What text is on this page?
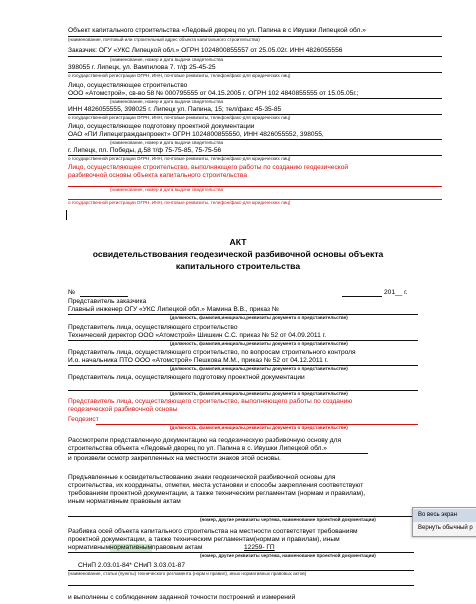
Объект капитального строительства «Ледовый дворец по ул. Папина в с Ивушки Липецкой обл.»
(наименование, почтовый или строительный адрес объекта капитального строительства)
Заказчик: ОГУ «УКС Липецкой обл.» ОГРН 1024800855557 от 25.05.02г. ИНН 4826055556
(наименование, номер и дата выдачи свидетельства
398055 г. Липецк, ул. Вампилова 7. т/ф 25-45-25
о государственной регистрации ОГРН, ИНН, почтовые реквизиты, телефон/факс-для юридических лиц)
Лицо, осуществляющее строительство
ООО «Атомстрой», св-во 58 № 000795555 от 04.15.2005 г. ОГРН 102 4840855555 от 15.05.05г.;
(наименование, номер и дата выдачи свидетельства
ИНН 4826055555, 398025 г. Липецк ул. Папина, 15; тел/факс 45-35-85
о государственной регистрации ОГРН, ИНН, почтовые реквизиты, телефон/факс-для юридических лиц)
Лицо, осуществляющее подготовку проектной документации
ОАО «ПИ Липецкгражданпроект» ОГРН 1024800855550, ИНН 4826055552, 398055,
(наименование, номер и дата выдачи свидетельства
г. Липецк, пл. Победы, д.58 т/ф 75-75-85, 75-75-56
о государственной регистрации ОГРН, ИНН, почтовые реквизиты, телефон/факс-для юридических лиц)
Лицо, осуществляющее строительство, выполняющего работы по созданию геодезической
разбивочной основы объекта капитального строительства
(наименование, номер и дата выдачи свидетельства
о государственной регистрации ОГРН, ИНН, почтовые реквизиты, телефон/факс-для юридических лиц)
АКТ
освидетельствования геодезической разбивочной основы объекта
капитального строительства
№	201__ г.
Представитель заказчика
Главный инженер ОГУ «УКС Липецкой обл.» Мамина В.В., приказ №
(должность, фамилия,инициалы,реквизиты документа о представительстве)
Представитель лица, осуществляющего строительство
Технический директор ООО «Атомстрой» Шишкин С.С. приказ № 52 от 04.09.2011 г.
(должность, фамилия,инициалы,реквизиты документа о представительстве)
Представитель лица, осуществляющего строительство, по вопросам строительного контроля
И.о. начальника ПТО ООО «Атомстрой» Пешкова М.М., приказ № 52 от 04.12.2011 г.
(должность, фамилия,инициалы,реквизиты документа о представительстве)
Представитель лица, осуществляющего подготовку проектной документации
(должность, фамилия,инициалы,реквизиты документа о представительстве)
Представитель лица, осуществляющего строительство, выполняющего работы по созданию
геодезической разбивочной основы
Геодезист
(должность, фамилия,инициалы,реквизиты документа о представительстве)
Рассмотрели представленную документацию на геодезическую разбивочную основу для
строительства объекта «Ледовый дворец по ул. Папина в с. Ивушки Липецкой обл.»
и произвели осмотр закрепленных на местности знаков этой основы.
Предъявленные к освидетельствованию знаки геодезической разбивочной основы для
строительства, их координаты, отметки, места установки и способы закрепления соответствуют
требованиям проектной документации, а также техническим регламентам (нормам и правилам),
иным нормативным правовым актам
(номер, другие реквизиты чертежа, наименование проектной документации)
Разбивка осей объекта капитального строительства на местности соответствует требованиям
проектной документации, а также техническим регламентам(нормам и правилам), иным
нормативным нормативным правовым актам	12259- ГП
(номер, другие реквизиты чертежа, наименование проектной документации)
СНиП 2.03.01-84* СНиП 3.03.01-87
(наименование, статьи (пункты) технического регламента (норм и правил), иных нормативных правовых актов)
и выполнены с соблюдением заданной точности построений и измерений
Во весь экран
Вернуть обычный р
